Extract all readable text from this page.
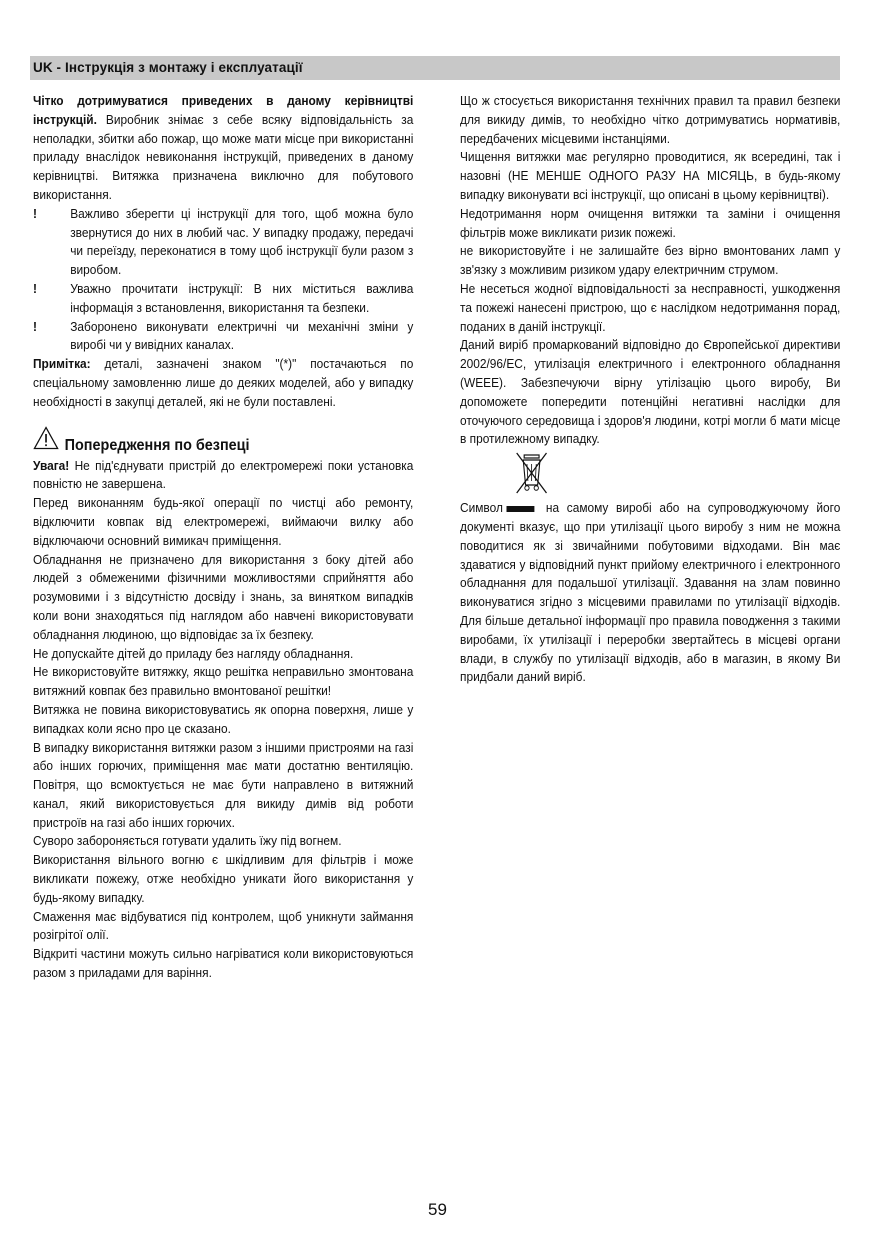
UK - Інструкція з монтажу і експлуатації

Чітко дотримуватися приведених в даному керівництві інструкцій. Виробник знімає з себе всяку відповідальність за неполадки, збитки або пожар, що може мати місце при використанні приладу внаслідок невиконання інструкцій, приведених в даному керівництві. Витяжка призначена виключно для побутового використання.

!	Важливо зберегти ці інструкції для того, щоб можна було звернутися до них в любий час. У випадку продажу, передачі чи переїзду, переконатися в тому щоб інструкції були разом з виробом.

!	Уважно прочитати інструкції: В них міститься важлива інформація з встановлення, використання та безпеки.

!	Заборонено виконувати електричні чи механічні зміни у виробі чи у вивідних каналах.

Примітка: деталі, зазначені знаком "(*)" постачаються по спеціальному замовленню лише до деяких моделей, або у випадку необхідності в закупці деталей, які не були поставлені.

Попередження по безпеці

Увага! Не під'єднувати пристрій до електромережі поки установка повністю не завершена.

Перед виконанням будь-якої операції по чистці або ремонту, відключити ковпак від електромережі, виймаючи вилку або відключаючи основний вимикач приміщення.

Обладнання не призначено для використання з боку дітей або людей з обмеженими фізичними можливостями сприйняття або розумовими і з відсутністю досвіду і знань, за винятком випадків коли вони знаходяться під наглядом або навчені використовувати обладнання людиною, що відповідає за їх безпеку.

Не допускайте дітей до приладу без нагляду обладнання.

Не використовуйте витяжку, якщо решітка неправильно змонтована витяжний ковпак без правильно вмонтованої решітки!

Витяжка не повина використовуватись як опорна поверхня, лише у випадках коли ясно про це сказано.

В випадку використання витяжки разом з іншими пристроями на газі або інших горючих, приміщення має мати достатню вентиляцію. Повітря, що всмоктується не має бути направлено в витяжний канал, який використовується для викиду димів від роботи пристроїв на газі або інших горючих.

Суворо забороняється готувати удалить їжу під вогнем.

Використання вільного вогню є шкідливим для фільтрів і може викликати пожежу, отже необхідно уникати його використання у будь-якому випадку.

Смаження має відбуватися під контролем, щоб уникнути займання розігрітої олії.

Відкриті частини можуть сильно нагріватися коли використовуються разом з приладами для варіння.

Що ж стосується використання технічних правил та правил безпеки для викиду димів, то необхідно чітко дотримуватись нормативів, передбачених місцевими інстанціями.

Чищення витяжки має регулярно проводитися, як всередині, так і назовні (НЕ МЕНШЕ ОДНОГО РАЗУ НА МІСЯЦЬ, в будь-якому випадку виконувати всі інструкції, що описані в цьому керівництві).

Недотримання норм очищення витяжки та заміни і очищення фільтрів може викликати ризик пожежі.

не використовуйте і не залишайте без вірно вмонтованих ламп у зв'язку з можливим ризиком удару електричним струмом.

Не несеться жодної відповідальності за несправності, ушкодження та пожежі нанесені пристрою, що є наслідком недотримання порад, поданих в даній інструкції.

Даний виріб промаркований відповідно до Європейської директиви 2002/96/EC, утилізація електричного і електронного обладнання (WEEE). Забезпечуючи вірну утілізацію цього виробу, Ви допоможете попередити потенційні негативні наслідки для оточуючого середовища і здоров'я людини, котрі могли б мати місце в протилежному випадку.

Символ	на самому виробі або на супроводжуючому його документі вказує, що при утилізації цього виробу з ним не можна поводитися як зі звичайними побутовими відходами. Він має здаватися у відповідний пункт прийому електричного і електронного обладнання для подальшої утилізації. Здавання на злам повинно виконуватися згідно з місцевими правилами по утилізації відходів. Для більше детальної інформації про правила поводження з такими виробами, їх утилізації і переробки звертайтесь в місцеві органи влади, в службу по утилізації відходів, або в магазин, в якому Ви придбали даний виріб.

59
